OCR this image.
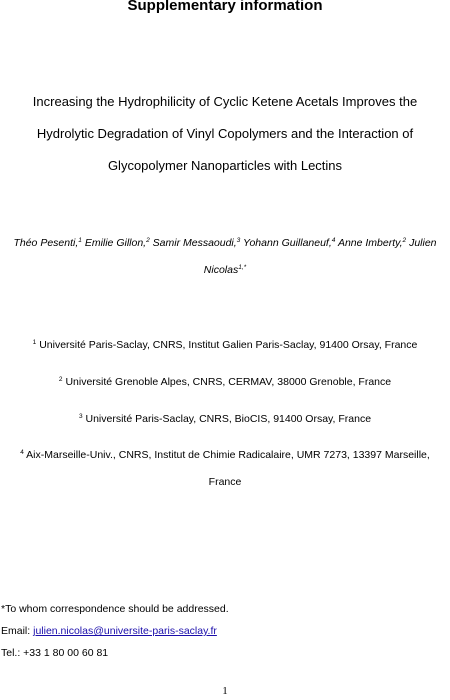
Supplementary information
Increasing the Hydrophilicity of Cyclic Ketene Acetals Improves the
Hydrolytic Degradation of Vinyl Copolymers and the Interaction of
Glycopolymer Nanoparticles with Lectins
Théo Pesenti,$^1$ Emilie Gillon,$^2$ Samir Messaoudi,$^3$ Yohann Guillaneuf,$^4$ Anne Imberty,$^2$ Julien
Nicolas$^{1,*}$
$^1$ Université Paris-Saclay, CNRS, Institut Galien Paris-Saclay, 91400 Orsay, France
$^2$ Université Grenoble Alpes, CNRS, CERMAV, 38000 Grenoble, France
$^3$ Université Paris-Saclay, CNRS, BioCIS, 91400 Orsay, France
$^4$ Aix-Marseille-Univ., CNRS, Institut de Chimie Radicalaire, UMR 7273, 13397 Marseille,
France
*To whom correspondence should be addressed.
Email: julien.nicolas@universite-paris-saclay.fr
Tel.: +33 1 80 00 60 81
1
